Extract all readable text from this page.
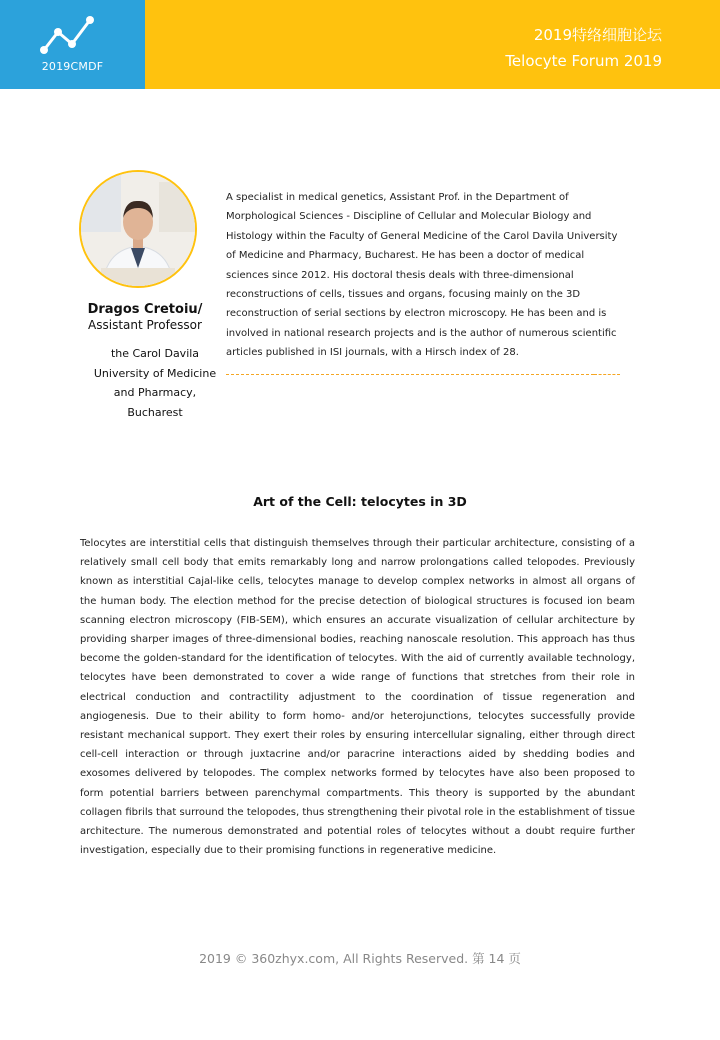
2019CMDF
2019特络细胞论坛
Telocyte Forum 2019
Dragos Cretoiu/
Assistant Professor
the Carol Davila
University of Medicine
and Pharmacy,
Bucharest
A specialist in medical genetics, Assistant Prof. in the Department of Morphological Sciences - Discipline of Cellular and Molecular Biology and Histology within the Faculty of General Medicine of the Carol Davila University of Medicine and Pharmacy, Bucharest. He has been a doctor of medical sciences since 2012. His doctoral thesis deals with three-dimensional reconstructions of cells, tissues and organs, focusing mainly on the 3D reconstruction of serial sections by electron microscopy. He has been and is involved in national research projects and is the author of numerous scientific articles published in ISI journals, with a Hirsch index of 28.
Art of the Cell: telocytes in 3D
Telocytes are interstitial cells that distinguish themselves through their particular architecture, consisting of a relatively small cell body that emits remarkably long and narrow prolongations called telopodes. Previously known as interstitial Cajal-like cells, telocytes manage to develop complex networks in almost all organs of the human body. The election method for the precise detection of biological structures is focused ion beam scanning electron microscopy (FIB-SEM), which ensures an accurate visualization of cellular architecture by providing sharper images of three-dimensional bodies, reaching nanoscale resolution. This approach has thus become the golden-standard for the identification of telocytes. With the aid of currently available technology, telocytes have been demonstrated to cover a wide range of functions that stretches from their role in electrical conduction and contractility adjustment to the coordination of tissue regeneration and angiogenesis. Due to their ability to form homo- and/or heterojunctions, telocytes successfully provide resistant mechanical support. They exert their roles by ensuring intercellular signaling, either through direct cell-cell interaction or through juxtacrine and/or paracrine interactions aided by shedding bodies and exosomes delivered by telopodes. The complex networks formed by telocytes have also been proposed to form potential barriers between parenchymal compartments. This theory is supported by the abundant collagen fibrils that surround the telopodes, thus strengthening their pivotal role in the establishment of tissue architecture. The numerous demonstrated and potential roles of telocytes without a doubt require further investigation, especially due to their promising functions in regenerative medicine.
2019 © 360zhyx.com, All Rights Reserved. 第 14 页
